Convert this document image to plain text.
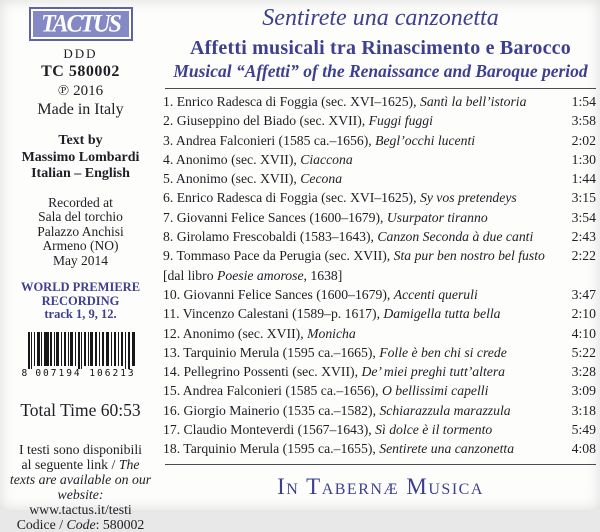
TACTUS
DDD
TC 580002
℗ 2016
Made in Italy
Text by
Massimo Lombardi
Italian – English
Recorded at
Sala del torchio
Palazzo Anchisi
Armeno (NO)
May 2014
WORLD PREMIERE
RECORDING
track 1, 9, 12.
8 007194 106213
Total Time 60:53
I testi sono disponibili
al seguente link / The
texts are available on our
website:
www.tactus.it/testi
Codice / Code: 580002
Sentirete una canzonetta
Affetti musicali tra Rinascimento e Barocco
Musical “Affetti” of the Renaissance and Baroque period
1. Enrico Radesca di Foggia (sec. XVI–1625), Santì la bell’istoria	1:54
2. Giuseppino del Biado (sec. XVII), Fuggi fuggi	3:58
3. Andrea Falconieri (1585 ca.–1656), Begl’occhi lucenti	2:02
4. Anonimo (sec. XVII), Ciaccona	1:30
5. Anonimo (sec. XVII), Cecona	1:44
6. Enrico Radesca di Foggia (sec. XVI–1625), Sy vos pretendeys	3:15
7. Giovanni Felice Sances (1600–1679), Usurpator tiranno	3:54
8. Girolamo Frescobaldi (1583–1643), Canzon Seconda à due canti	2:43
9. Tommaso Pace da Perugia (sec. XVII), Sta pur ben nostro bel fusto 2:22
[dal libro Poesie amorose, 1638]
10. Giovanni Felice Sances (1600–1679), Accenti queruli	3:47
11. Vincenzo Calestani (1589–p. 1617), Damigella tutta bella	2:10
12. Anonimo (sec. XVII), Monicha	4:10
13. Tarquinio Merula (1595 ca.–1665), Folle è ben chi si crede	5:22
14. Pellegrino Possenti (sec. XVII), De’ miei preghi tutt’altera	3:28
15. Andrea Falconieri (1585 ca.–1656), O bellissimi capelli	3:09
16. Giorgio Mainerio (1535 ca.–1582), Schiarazzula marazzula	3:18
17. Claudio Monteverdi (1567–1643), Sì dolce è il tormento	5:49
18. Tarquinio Merula (1595 ca.–1655), Sentirete una canzonetta	4:08
In Tabernæ Musica
